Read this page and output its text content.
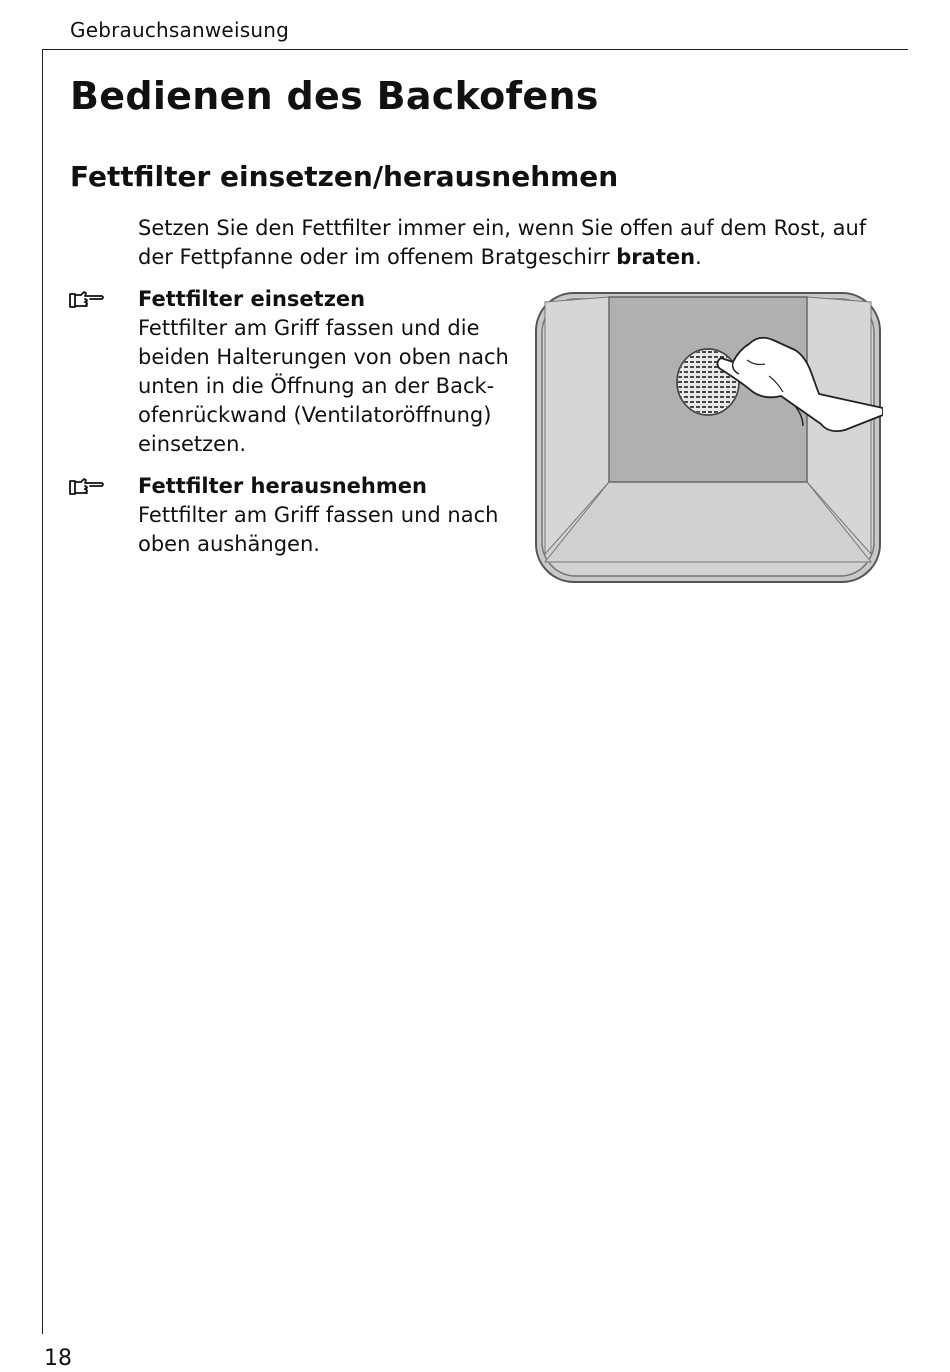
Gebrauchsanweisung
Bedienen des Backofens
Fettfilter einsetzen/herausnehmen

Setzen Sie den Fettfilter immer ein, wenn Sie offen auf dem Rost, auf der Fettpfanne oder im offenem Bratgeschirr braten.

Fettfilter einsetzen
Fettfilter am Griff fassen und die
beiden Halterungen von oben nach
unten in die Öffnung an der Back-
ofenrückwand (Ventilatoröffnung)
einsetzen.
Fettfilter herausnehmen
Fettfilter am Griff fassen und nach
oben aushängen.
18
